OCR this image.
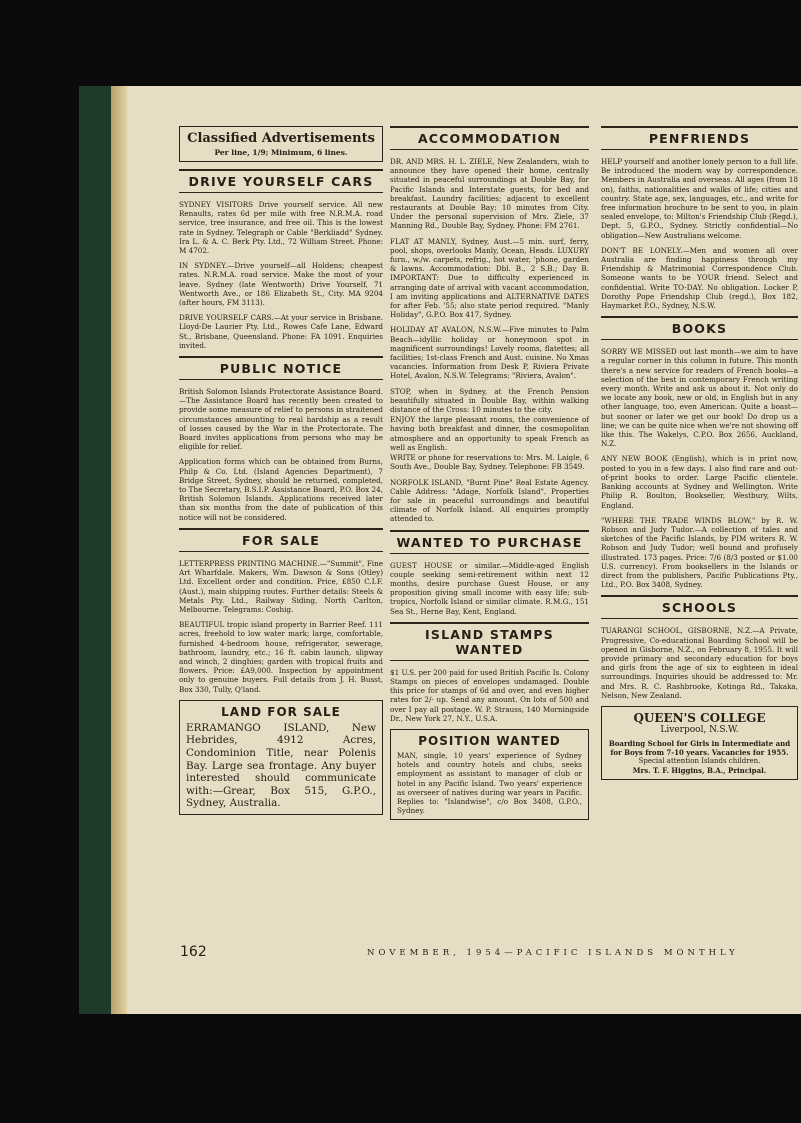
Classified Advertisements
Per line, 1/9; Minimum, 6 lines.
DRIVE YOURSELF CARS

SYDNEY VISITORS Drive yourself service. All new Renaults, rates 6d per mile with free N.R.M.A. road service, tree insurance, and free oil. This is the lowest rate in Sydney. Telegraph or Cable "Berkliadd" Sydney. Ira L. & A. C. Berk Pty. Ltd., 72 William Street. Phone: M 4702.

IN SYDNEY.—Drive yourself—all Holdens; cheapest rates. N.R.M.A. road service. Make the most of your leave. Sydney (late Wentworth) Drive Yourself, 71 Wentworth Ave., or 186 Elizabeth St., City. MA 9204 (after hours, FM 3113).

DRIVE YOURSELF CARS.—At your service in Brisbane. Lloyd-De Laurier Pty. Ltd., Rowes Cafe Lane, Edward St., Brisbane, Queensland. Phone: FA 1091. Enquiries invited.

PUBLIC NOTICE

British Solomon Islands Protectorate Assistance Board.—The Assistance Board has recently been created to provide some measure of relief to persons in straitened circumstances amounting to real hardship as a result of losses caused by the War in the Protectorate. The Board invites applications from persons who may be eligible for relief.

Application forms which can be obtained from Burns, Philp & Co. Ltd. (Island Agencies Department), 7 Bridge Street, Sydney, should be returned, completed, to The Secretary, B.S.I.P. Assistance Board, P.O. Box 24, British Solomon Islands. Applications received later than six months from the date of publication of this notice will not be considered.

FOR SALE

LETTERPRESS PRINTING MACHINE.—"Summit", Fine Art Wharfdale. Makers, Wm. Dawson & Sons (Otley) Ltd. Excellent order and condition. Price, £850 C.I.F. (Aust.), main shipping routes. Further details: Steels & Metals Pty. Ltd., Railway Siding, North Carlton, Melbourne. Telegrams: Coshig.

BEAUTIFUL tropic island property in Barrier Reef. 111 acres, freehold to low water mark; large, comfortable, furnished 4-bedroom house, refrigerator, sewerage, bathroom, laundry, etc.; 16 ft. cabin launch, slipway and winch, 2 dinghies; garden with tropical fruits and flowers. Price: £A9,000. Inspection by appointment only to genuine buyers. Full details from J. H. Busst, Box 330, Tully, Q'land.

LAND FOR SALE
ERRAMANGO ISLAND, New Hebrides, 4912 Acres, Condominion Title, near Polenis Bay. Large sea frontage. Any buyer interested should communicate with:—Grear, Box 515, G.P.O., Sydney, Australia.
ACCOMMODATION

DR. AND MRS. H. L. ZIELE, New Zealanders, wish to announce they have opened their home, centrally situated in peaceful surroundings at Double Bay, for Pacific Islands and Interstate guests, for bed and breakfast. Laundry facilities; adjacent to excellent restaurants at Double Bay; 10 minutes from City. Under the personal supervision of Mrs. Ziele, 37 Manning Rd., Double Bay, Sydney. Phone: FM 2761.

FLAT AT MANLY, Sydney, Aust.—5 min. surf, ferry, pool, shops, overlooks Manly, Ocean, Heads. LUXURY furn., w./w. carpets, refrig., hot water, 'phone, garden & lawns. Accommodation: Dbl. B., 2 S.B.; Day B. IMPORTANT: Due to difficulty experienced in arranging date of arrival with vacant accommodation, I am inviting applications and ALTERNATIVE DATES for after Feb. '55; also state period required. "Manly Holiday", G.P.O. Box 417, Sydney.

HOLIDAY AT AVALON, N.S.W.—Five minutes to Palm Beach—idyllic holiday or honeymoon spot in magnificent surroundings! Lovely rooms, flatettes; all facilities; 1st-class French and Aust. cuisine. No Xmas vacancies. Information from Desk P, Riviera Private Hotel, Avalon, N.S.W. Telegrams: "Riviera, Avalon".

STOP, when in Sydney, at the French Pension beautifully situated in Double Bay, within walking distance of the Cross: 10 minutes to the city.

ENJOY the large pleasant rooms, the convenience of having both breakfast and dinner, the cosmopolitan atmosphere and an opportunity to speak French as well as English.

WRITE or phone for reservations to: Mrs. M. Laigle, 6 South Ave., Double Bay, Sydney. Telephone: FB 3549.

NORFOLK ISLAND, "Burnt Pine" Real Estate Agency. Cable Address: "Adage, Norfolk Island". Properties for sale in peaceful surroundings and beautiful climate of Norfolk Island. All enquiries promptly attended to.

WANTED TO PURCHASE

GUEST HOUSE or similar.—Middle-aged English couple seeking semi-retirement within next 12 months, desire purchase Guest House, or any proposition giving small income with easy life; sub-tropics, Norfolk Island or similar climate. R.M.G., 151 Sea St., Herne Bay, Kent, England.

ISLAND STAMPS WANTED

$1 U.S. per 200 paid for used British Pacific Is. Colony Stamps on pieces of envelopes undamaged. Double this price for stamps of 6d and over, and even higher rates for 2/- up. Send any amount. On lots of 500 and over I pay all postage. W. P. Strauss, 140 Morningside Dr., New York 27, N.Y., U.S.A.

POSITION WANTED

MAN, single, 10 years' experience of Sydney hotels and country hotels and clubs, seeks employment as assistant to manager of club or hotel in any Pacific Island. Two years' experience as overseer of natives during war years in Pacific. Replies to: "Islandwise", c/o Box 3408, G.P.O., Sydney.

PENFRIENDS

HELP yourself and another lonely person to a full life. Be introduced the modern way by correspondence. Members in Australia and overseas. All ages (from 18 on), faiths, nationalities and walks of life; cities and country. State age, sex, languages, etc., and write for free information brochure to be sent to you, in plain sealed envelope, to: Milton's Friendship Club (Regd.), Dept. 5, G.P.O., Sydney. Strictly confidential—No obligation—New Australians welcome.

DON'T BE LONELY.—Men and women all over Australia are finding happiness through my Friendship & Matrimonial Correspondence Club. Someone wants to be YOUR friend. Select and confidential. Write TO-DAY. No obligation. Locker P, Dorothy Pope Friendship Club (regd.), Box 182, Haymarket P.O., Sydney, N.S.W.

BOOKS

SORRY WE MISSED out last month—we aim to have a regular corner in this column in future. This month there's a new service for readers of French books—a selection of the best in contemporary French writing every month. Write and ask us about it. Not only do we locate any book, new or old, in English but in any other language, too, even American. Quite a boast—but sooner or later we get our book! Do drop us a line; we can be quite nice when we're not showing off like this. The Wakelys, C.P.O. Box 2656, Auckland, N.Z.

ANY NEW BOOK (English), which is in print now, posted to you in a few days. I also find rare and out-of-print books to order. Large Pacific clientele. Banking accounts at Sydney and Wellington. Write Philip R. Boulton, Bookseller, Westbury, Wilts, England.

"WHERE THE TRADE WINDS BLOW," by R. W. Robson and Judy Tudor.—A collection of tales and sketches of the Pacific Islands, by PIM writers R. W. Robson and Judy Tudor; well bound and profusely illustrated. 173 pages. Price: 7/6 (8/3 posted or $1.00 U.S. currency). From booksellers in the Islands or direct from the publishers, Pacific Publications Pty., Ltd., P.O. Box 3408, Sydney.

SCHOOLS

TUARANGI SCHOOL, GISBORNE, N.Z.—A Private, Progressive, Co-educational Boarding School will be opened in Gisborne, N.Z., on February 8, 1955. It will provide primary and secondary education for boys and girls from the age of six to eighteen in ideal surroundings. Inquiries should be addressed to: Mr. and Mrs. R. C. Rashbrooke, Kotinga Rd., Takaka, Nelson, New Zealand.

QUEEN'S COLLEGE
Liverpool, N.S.W.
Boarding School for Girls in Intermediate and for Boys from 7-10 years. Vacancies for 1955.
Special attention Islands children.
Mrs. T. F. Higgins, B.A., Principal.
162	NOVEMBER, 1954—PACIFIC ISLANDS MONTHLY
